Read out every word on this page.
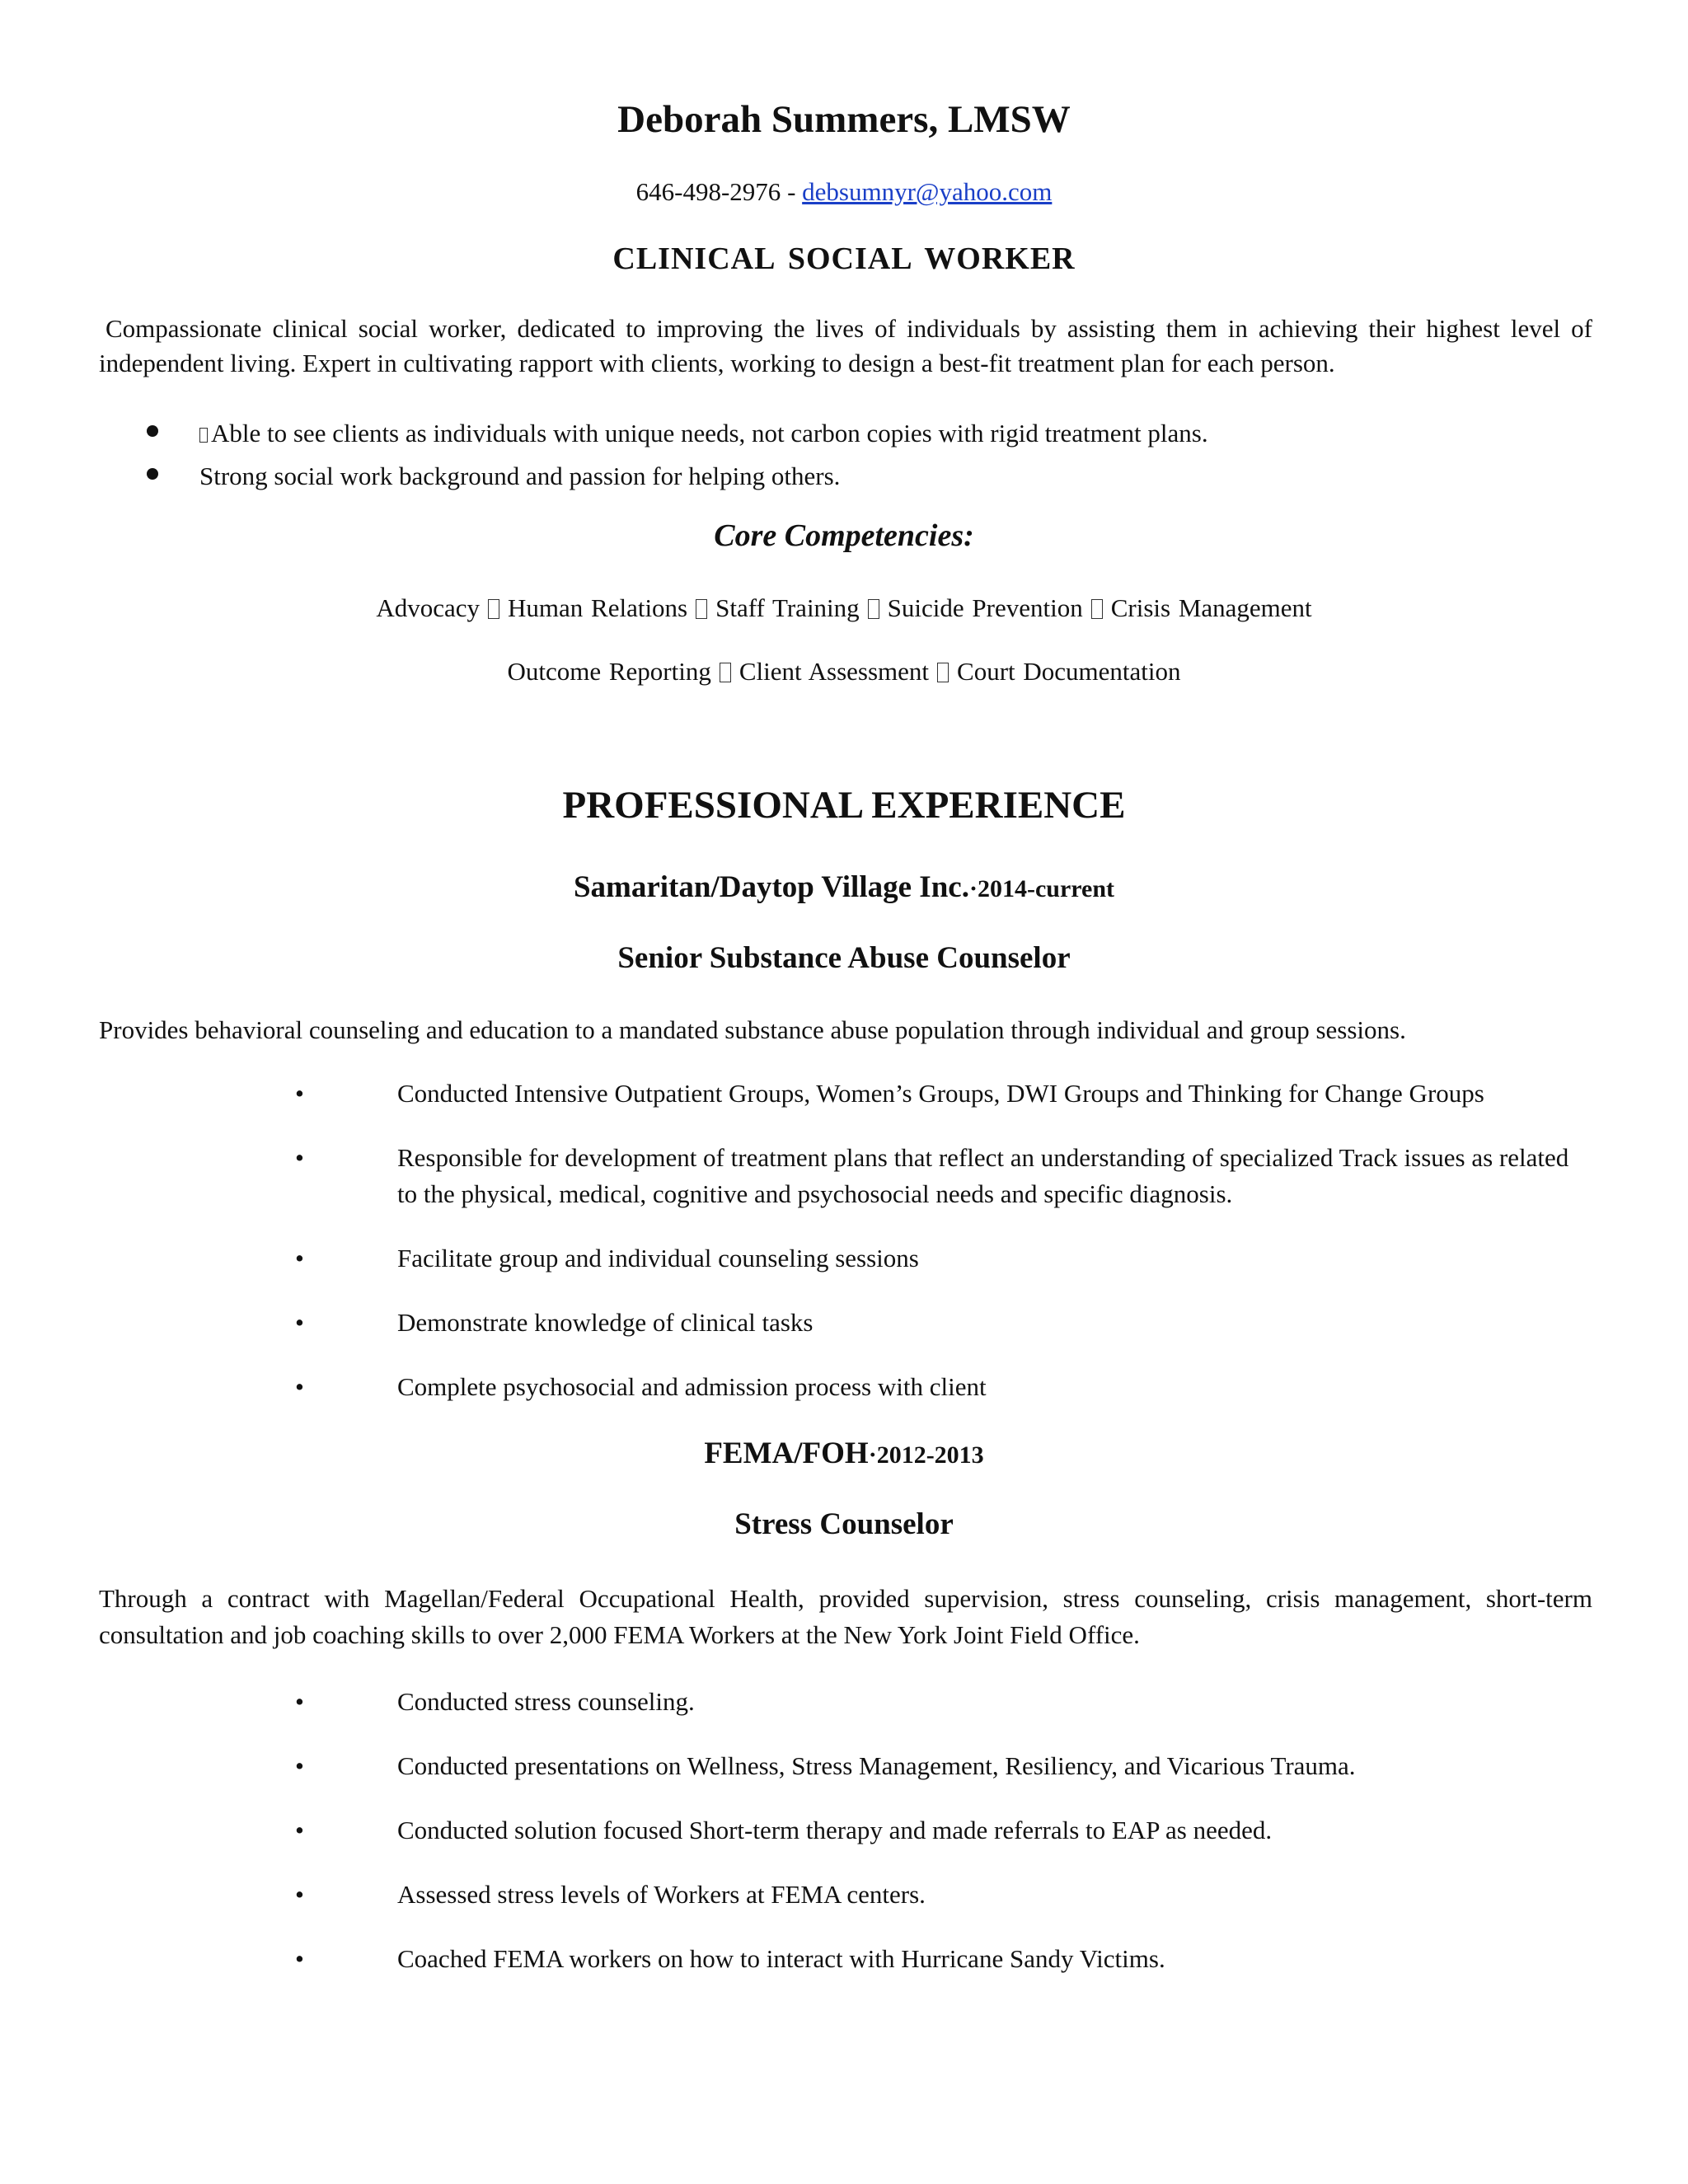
Deborah Summers, LMSW
646-498-2976 - debsumnyr@yahoo.com
CLINICAL SOCIAL WORKER
Compassionate clinical social worker, dedicated to improving the lives of individuals by assisting them in achieving their highest level of independent living. Expert in cultivating rapport with clients, working to design a best-fit treatment plan for each person.
Able to see clients as individuals with unique needs, not carbon copies with rigid treatment plans.
Strong social work background and passion for helping others.
Core Competencies:
Advocacy Human Relations Staff Training Suicide Prevention Crisis Management
Outcome Reporting Client Assessment Court Documentation
PROFESSIONAL EXPERIENCE
Samaritan/Daytop Village Inc.·2014-current
Senior Substance Abuse Counselor
Provides behavioral counseling and education to a mandated substance abuse population through individual and group sessions.
•	Conducted Intensive Outpatient Groups, Women’s Groups, DWI Groups and Thinking for Change Groups
•	Responsible for development of treatment plans that reflect an understanding of specialized Track issues as related to the physical, medical, cognitive and psychosocial needs and specific diagnosis.
•	Facilitate group and individual counseling sessions
•	Demonstrate knowledge of clinical tasks
•	Complete psychosocial and admission process with client
FEMA/FOH·2012-2013
Stress Counselor
Through a contract with Magellan/Federal Occupational Health, provided supervision, stress counseling, crisis management, short-term consultation and job coaching skills to over 2,000 FEMA Workers at the New York Joint Field Office.
•	Conducted stress counseling.
•	Conducted presentations on Wellness, Stress Management, Resiliency, and Vicarious Trauma.
•	Conducted solution focused Short-term therapy and made referrals to EAP as needed.
•	Assessed stress levels of Workers at FEMA centers.
•	Coached FEMA workers on how to interact with Hurricane Sandy Victims.
